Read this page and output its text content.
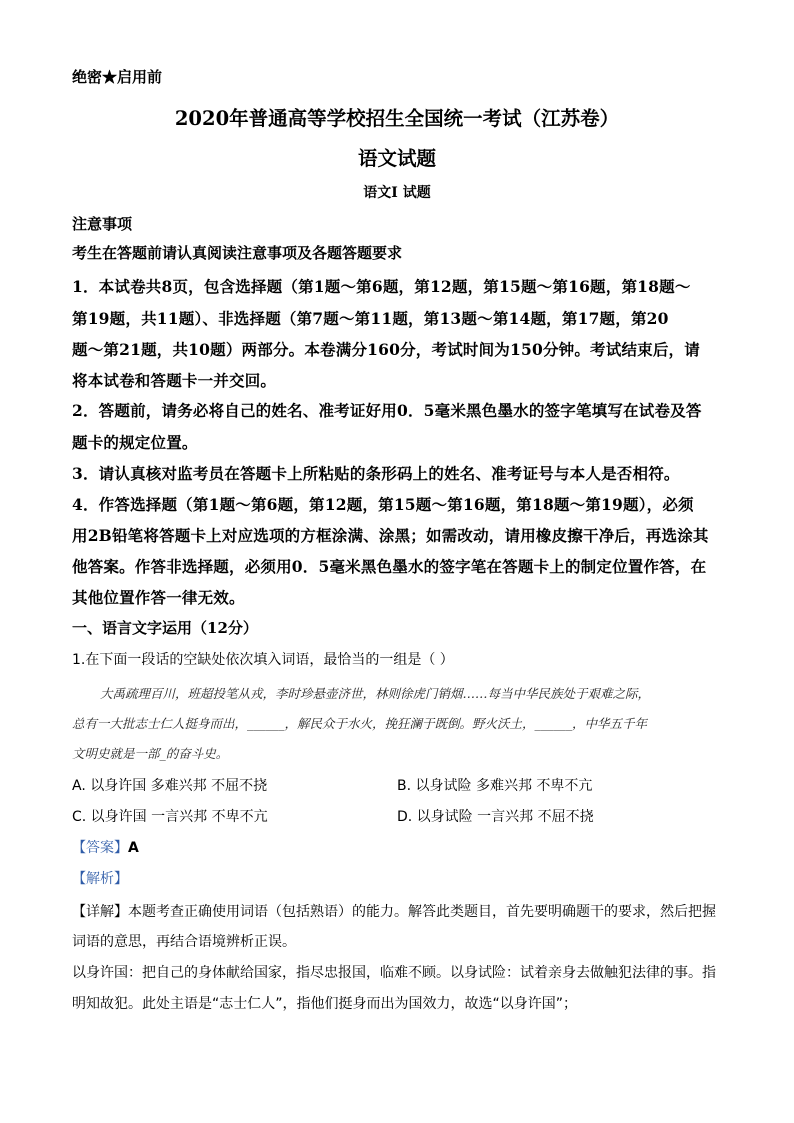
绝密★启用前
2020年普通高等学校招生全国统一考试（江苏卷）
语文试题
语文Ⅰ 试题
注意事项
考生在答题前请认真阅读注意事项及各题答题要求
1．本试卷共8页，包含选择题（第1题～第6题，第12题，第15题～第16题，第18题～
第19题，共11题）、非选择题（第7题～第11题，第13题～第14题，第17题，第20
题～第21题，共10题）两部分。本卷满分160分，考试时间为150分钟。考试结束后，请
将本试卷和答题卡一并交回。
2．答题前，请务必将自己的姓名、准考证好用0．5毫米黑色墨水的签字笔填写在试卷及答
题卡的规定位置。
3．请认真核对监考员在答题卡上所粘贴的条形码上的姓名、准考证号与本人是否相符。
4．作答选择题（第1题～第6题，第12题，第15题～第16题，第18题～第19题），必须
用2B铅笔将答题卡上对应选项的方框涂满、涂黑；如需改动，请用橡皮擦干净后，再选涂其
他答案。作答非选择题，必须用0．5毫米黑色墨水的签字笔在答题卡上的制定位置作答，在
其他位置作答一律无效。
一、语言文字运用（12分）
1.在下面一段话的空缺处依次填入词语，最恰当的一组是（ ）
大禹疏理百川，班超投笔从戎，李时珍悬壶济世，林则徐虎门销烟……每当中华民族处于艰难之际，
总有一大批志士仁人挺身而出，______，解民众于水火，挽狂澜于既倒。野火沃土，______，中华五千年
文明史就是一部_的奋斗史。
A. 以身许国 多难兴邦 不屈不挠	B. 以身试险 多难兴邦 不卑不亢
C. 以身许国 一言兴邦 不卑不亢	D. 以身试险 一言兴邦 不屈不挠
【答案】A
【解析】
【详解】本题考查正确使用词语（包括熟语）的能力。解答此类题目，首先要明确题干的要求，然后把握
词语的意思，再结合语境辨析正误。
以身许国：把自己的身体献给国家，指尽忠报国，临难不顾。以身试险：试着亲身去做触犯法律的事。指
明知故犯。此处主语是“志士仁人”，指他们挺身而出为国效力，故选“以身许国”；
